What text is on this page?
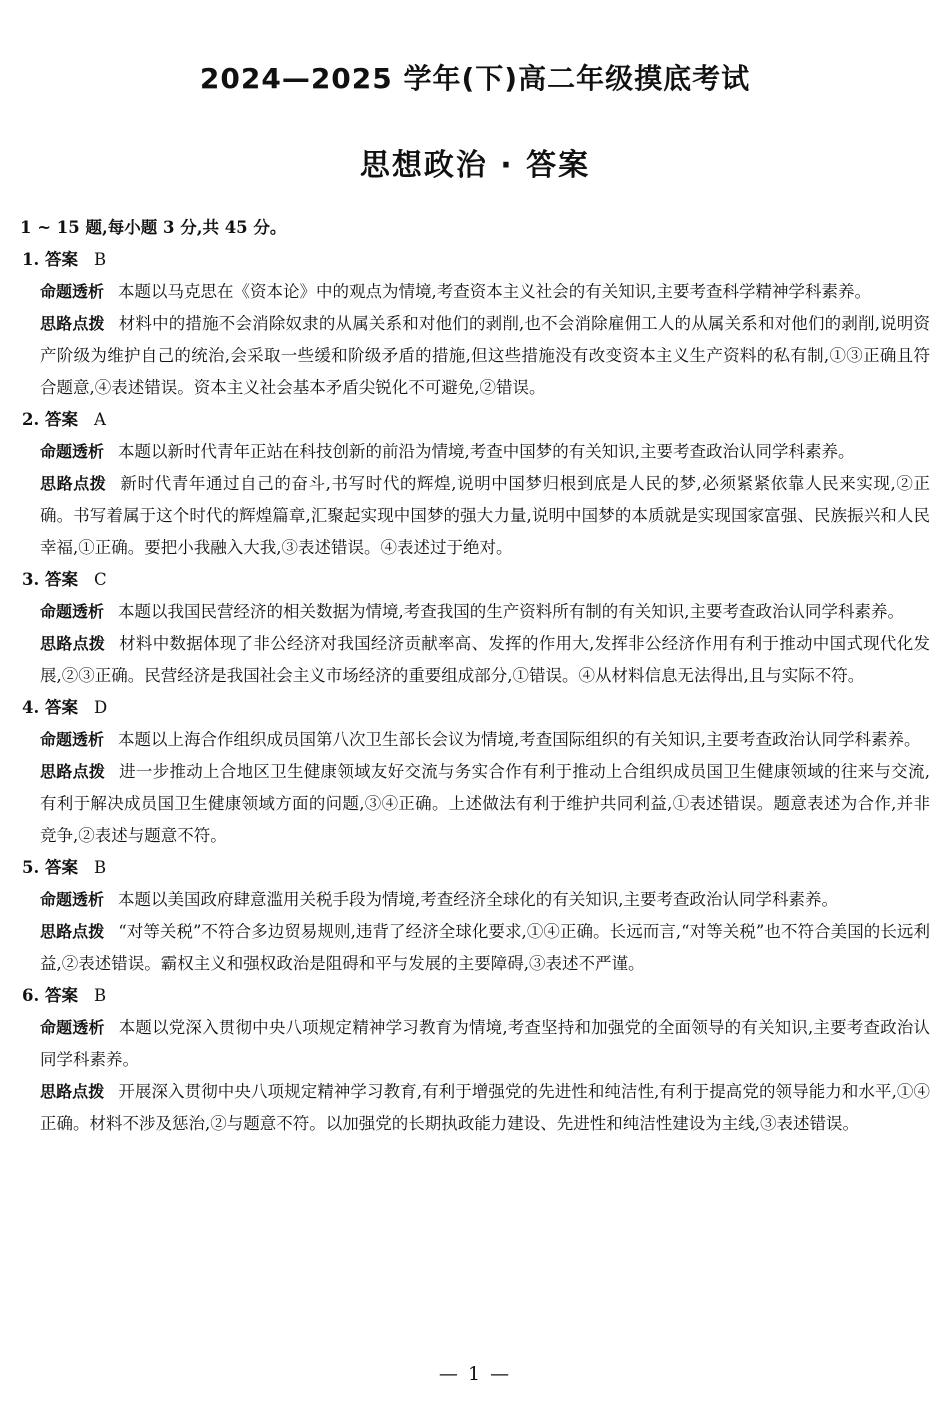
2024—2025 学年(下)高二年级摸底考试
思想政治 · 答案

1 ~ 15 题,每小题 3 分,共 45 分。

1. 答案 B

命题透析 本题以马克思在《资本论》中的观点为情境,考查资本主义社会的有关知识,主要考查科学精神学科素养。

思路点拨 材料中的措施不会消除奴隶的从属关系和对他们的剥削,也不会消除雇佣工人的从属关系和对他们的剥削,说明资产阶级为维护自己的统治,会采取一些缓和阶级矛盾的措施,但这些措施没有改变资本主义生产资料的私有制,①③正确且符合题意,④表述错误。资本主义社会基本矛盾尖锐化不可避免,②错误。

2. 答案 A

命题透析 本题以新时代青年正站在科技创新的前沿为情境,考查中国梦的有关知识,主要考查政治认同学科素养。

思路点拨 新时代青年通过自己的奋斗,书写时代的辉煌,说明中国梦归根到底是人民的梦,必须紧紧依靠人民来实现,②正确。书写着属于这个时代的辉煌篇章,汇聚起实现中国梦的强大力量,说明中国梦的本质就是实现国家富强、民族振兴和人民幸福,①正确。要把小我融入大我,③表述错误。④表述过于绝对。

3. 答案 C

命题透析 本题以我国民营经济的相关数据为情境,考查我国的生产资料所有制的有关知识,主要考查政治认同学科素养。

思路点拨 材料中数据体现了非公经济对我国经济贡献率高、发挥的作用大,发挥非公经济作用有利于推动中国式现代化发展,②③正确。民营经济是我国社会主义市场经济的重要组成部分,①错误。④从材料信息无法得出,且与实际不符。

4. 答案 D

命题透析 本题以上海合作组织成员国第八次卫生部长会议为情境,考查国际组织的有关知识,主要考查政治认同学科素养。

思路点拨 进一步推动上合地区卫生健康领域友好交流与务实合作有利于推动上合组织成员国卫生健康领域的往来与交流,有利于解决成员国卫生健康领域方面的问题,③④正确。上述做法有利于维护共同利益,①表述错误。题意表述为合作,并非竞争,②表述与题意不符。

5. 答案 B

命题透析 本题以美国政府肆意滥用关税手段为情境,考查经济全球化的有关知识,主要考查政治认同学科素养。

思路点拨 “对等关税”不符合多边贸易规则,违背了经济全球化要求,①④正确。长远而言,“对等关税”也不符合美国的长远利益,②表述错误。霸权主义和强权政治是阻碍和平与发展的主要障碍,③表述不严谨。

6. 答案 B

命题透析 本题以党深入贯彻中央八项规定精神学习教育为情境,考查坚持和加强党的全面领导的有关知识,主要考查政治认同学科素养。

思路点拨 开展深入贯彻中央八项规定精神学习教育,有利于增强党的先进性和纯洁性,有利于提高党的领导能力和水平,①④正确。材料不涉及惩治,②与题意不符。以加强党的长期执政能力建设、先进性和纯洁性建设为主线,③表述错误。

— 1 —
